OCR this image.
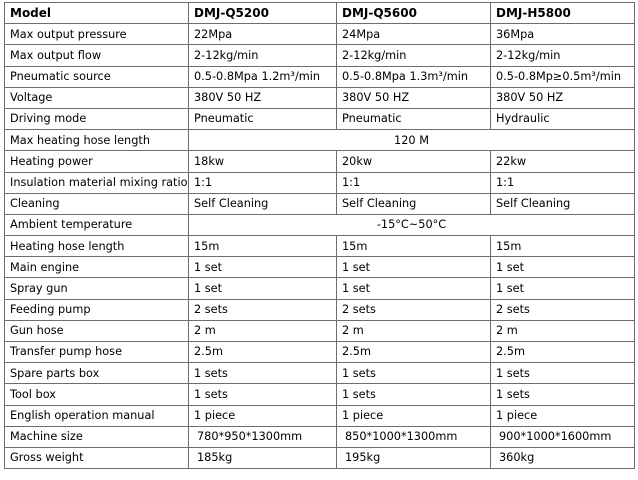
Model	DMJ-Q5200	DMJ-Q5600	DMJ-H5800
Max output pressure	22Mpa	24Mpa	36Mpa
Max output flow	2-12kg/min	2-12kg/min	2-12kg/min
Pneumatic source	0.5-0.8Mpa 1.2m³/min	0.5-0.8Mpa 1.3m³/min	0.5-0.8Mp≥0.5m³/min
Voltage	380V 50 HZ	380V 50 HZ	380V 50 HZ
Driving mode	Pneumatic	Pneumatic	Hydraulic
Max heating hose length	120 M		
Heating power	18kw	20kw	22kw
Insulation material mixing ratio	1:1	1:1	1:1
Cleaning	Self Cleaning	Self Cleaning	Self Cleaning
Ambient temperature	-15°C~50°C		
Heating hose length	15m	15m	15m
Main engine	1 set	1 set	1 set
Spray gun	1 set	1 set	1 set
Feeding pump	2 sets	2 sets	2 sets
Gun hose	2 m	2 m	2 m
Transfer pump hose	2.5m	2.5m	2.5m
Spare parts box	1 sets	1 sets	1 sets
Tool box	1 sets	1 sets	1 sets
English operation manual	1 piece	1 piece	1 piece
Machine size	780*950*1300mm	850*1000*1300mm	900*1000*1600mm
Gross weight	185kg	195kg	360kg
